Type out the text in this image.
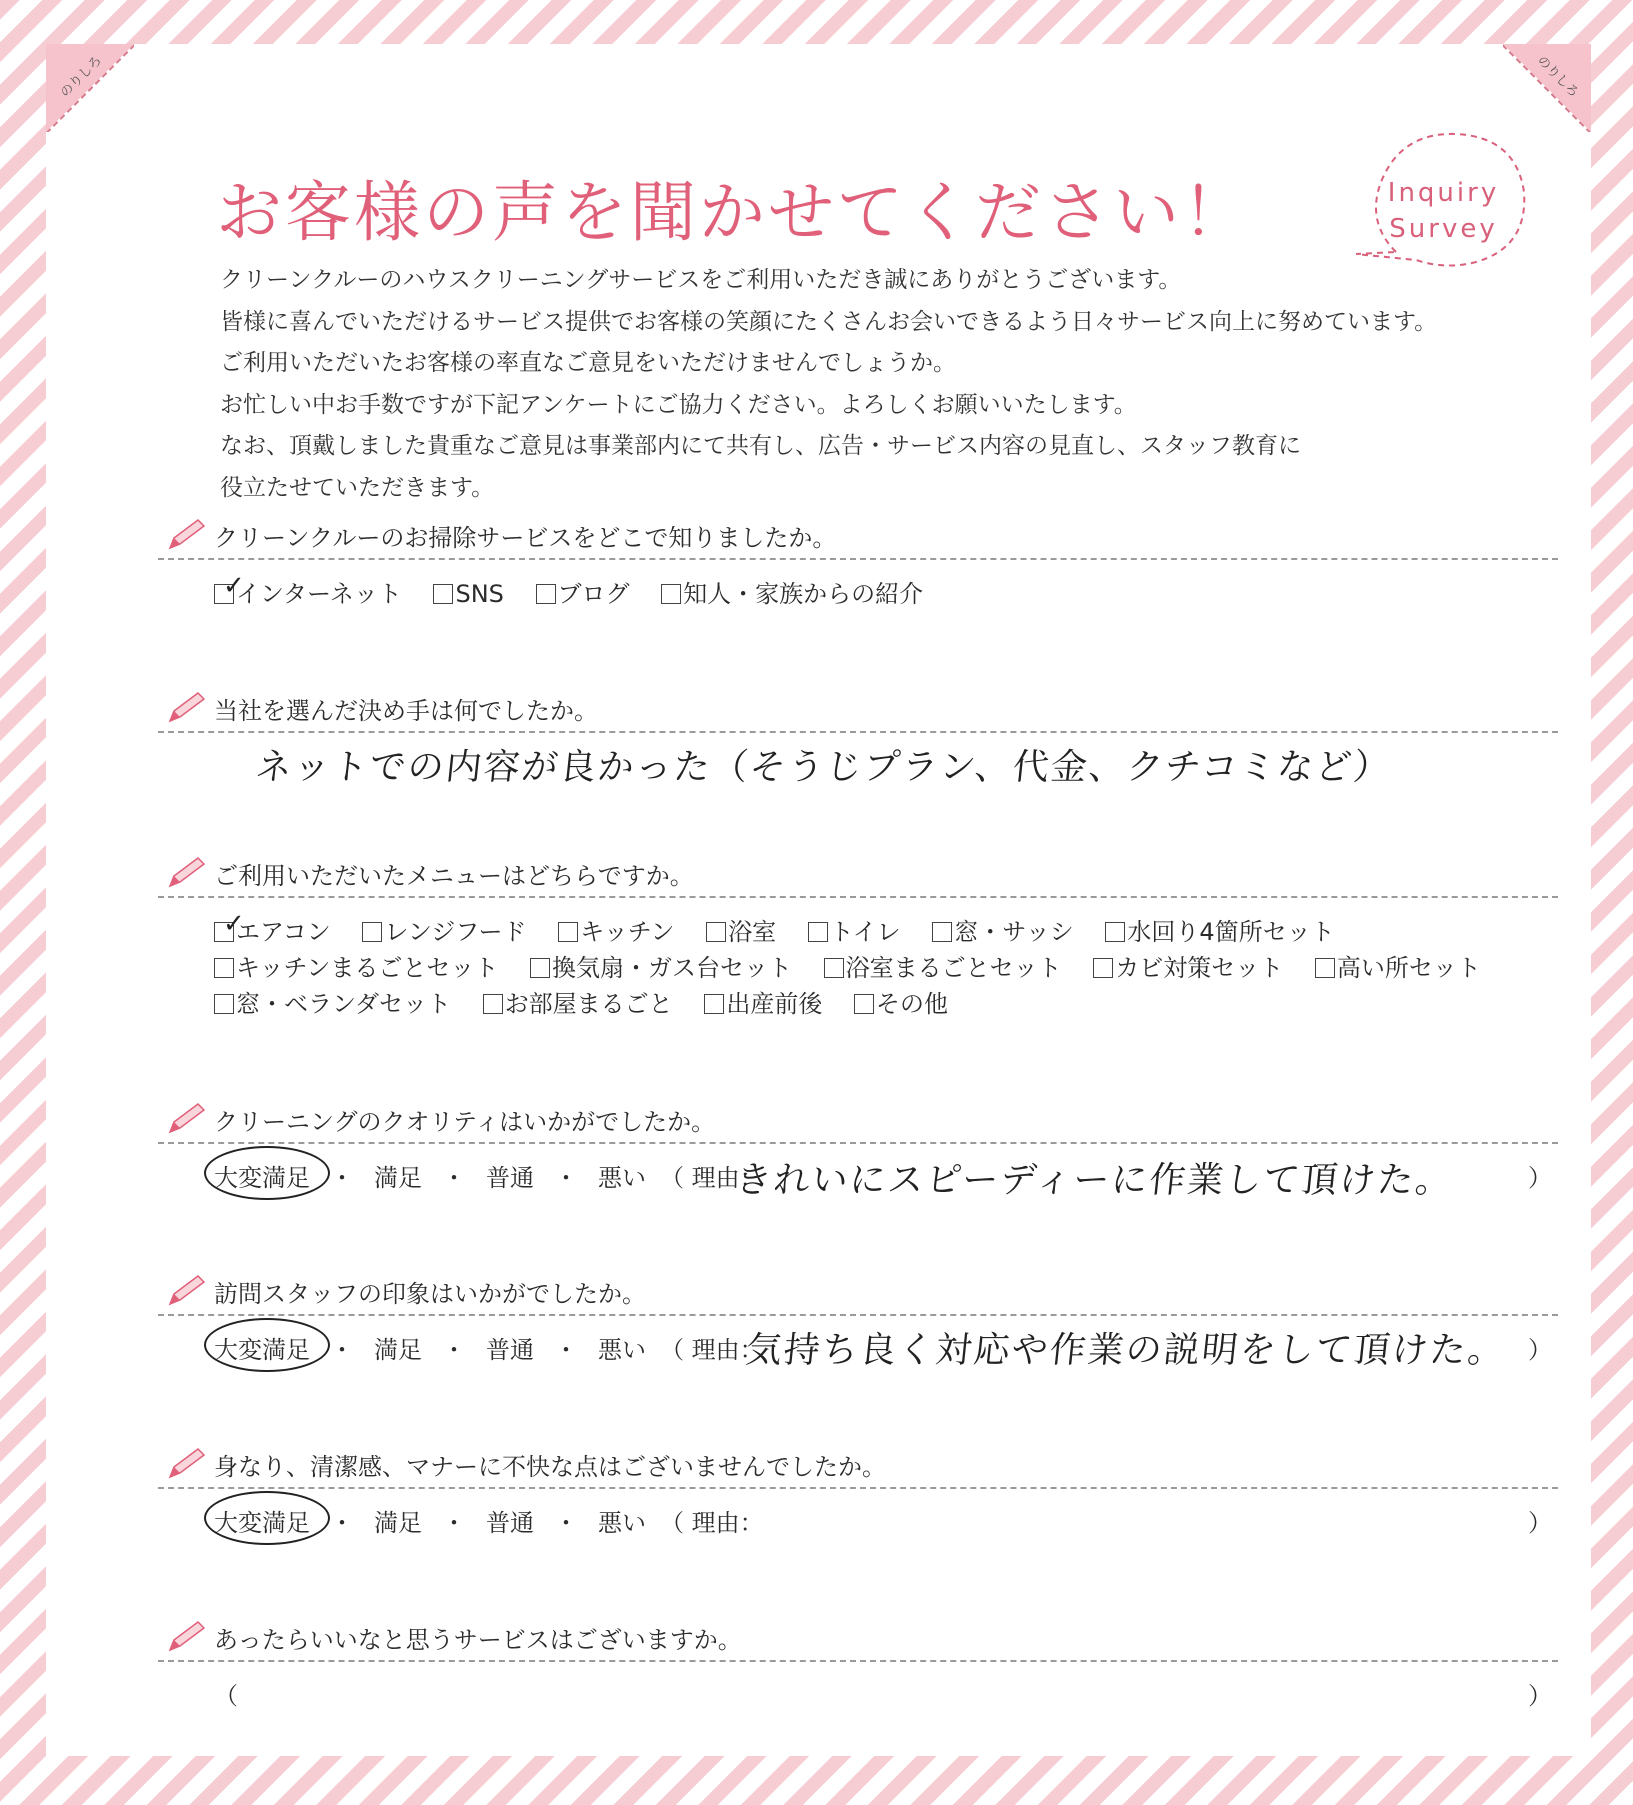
のりしろ	のりしろ
お客様の声を聞かせてください！	Inquiry
Survey
クリーンクルーのハウスクリーニングサービスをご利用いただき誠にありがとうございます。
皆様に喜んでいただけるサービス提供でお客様の笑顔にたくさんお会いできるよう日々サービス向上に努めています。
ご利用いただいたお客様の率直なご意見をいただけませんでしょうか。
お忙しい中お手数ですが下記アンケートにご協力ください。よろしくお願いいたします。
なお、頂戴しました貴重なご意見は事業部内にて共有し、広告・サービス内容の見直し、スタッフ教育に
役立たせていただきます。
クリーンクルーのお掃除サービスをどこで知りましたか。
✓
インターネット SNS ブログ 知人・家族からの紹介
当社を選んだ決め手は何でしたか。
ネットでの内容が良かった（そうじプラン、代金、クチコミなど）
ご利用いただいたメニューはどちらですか。
✓
エアコン レンジフード キッチン 浴室 トイレ 窓・サッシ 水回り4箇所セット
キッチンまるごとセット 換気扇・ガス台セット 浴室まるごとセット カビ対策セット 高い所セット
窓・ベランダセット お部屋まるごと 出産前後 その他
クリーニングのクオリティはいかがでしたか。
大変満足 ・ 満足 ・ 普通 ・ 悪い （ 理由：
きれいにスピーディーに作業して頂けた。	）
訪問スタッフの印象はいかがでしたか。
大変満足 ・ 満足 ・ 普通 ・ 悪い （ 理由：
気持ち良く対応や作業の説明をして頂けた。 ）
身なり、清潔感、マナーに不快な点はございませんでしたか。
大変満足 ・ 満足 ・ 普通 ・ 悪い （ 理由：	）
あったらいいなと思うサービスはございますか。
（	）
